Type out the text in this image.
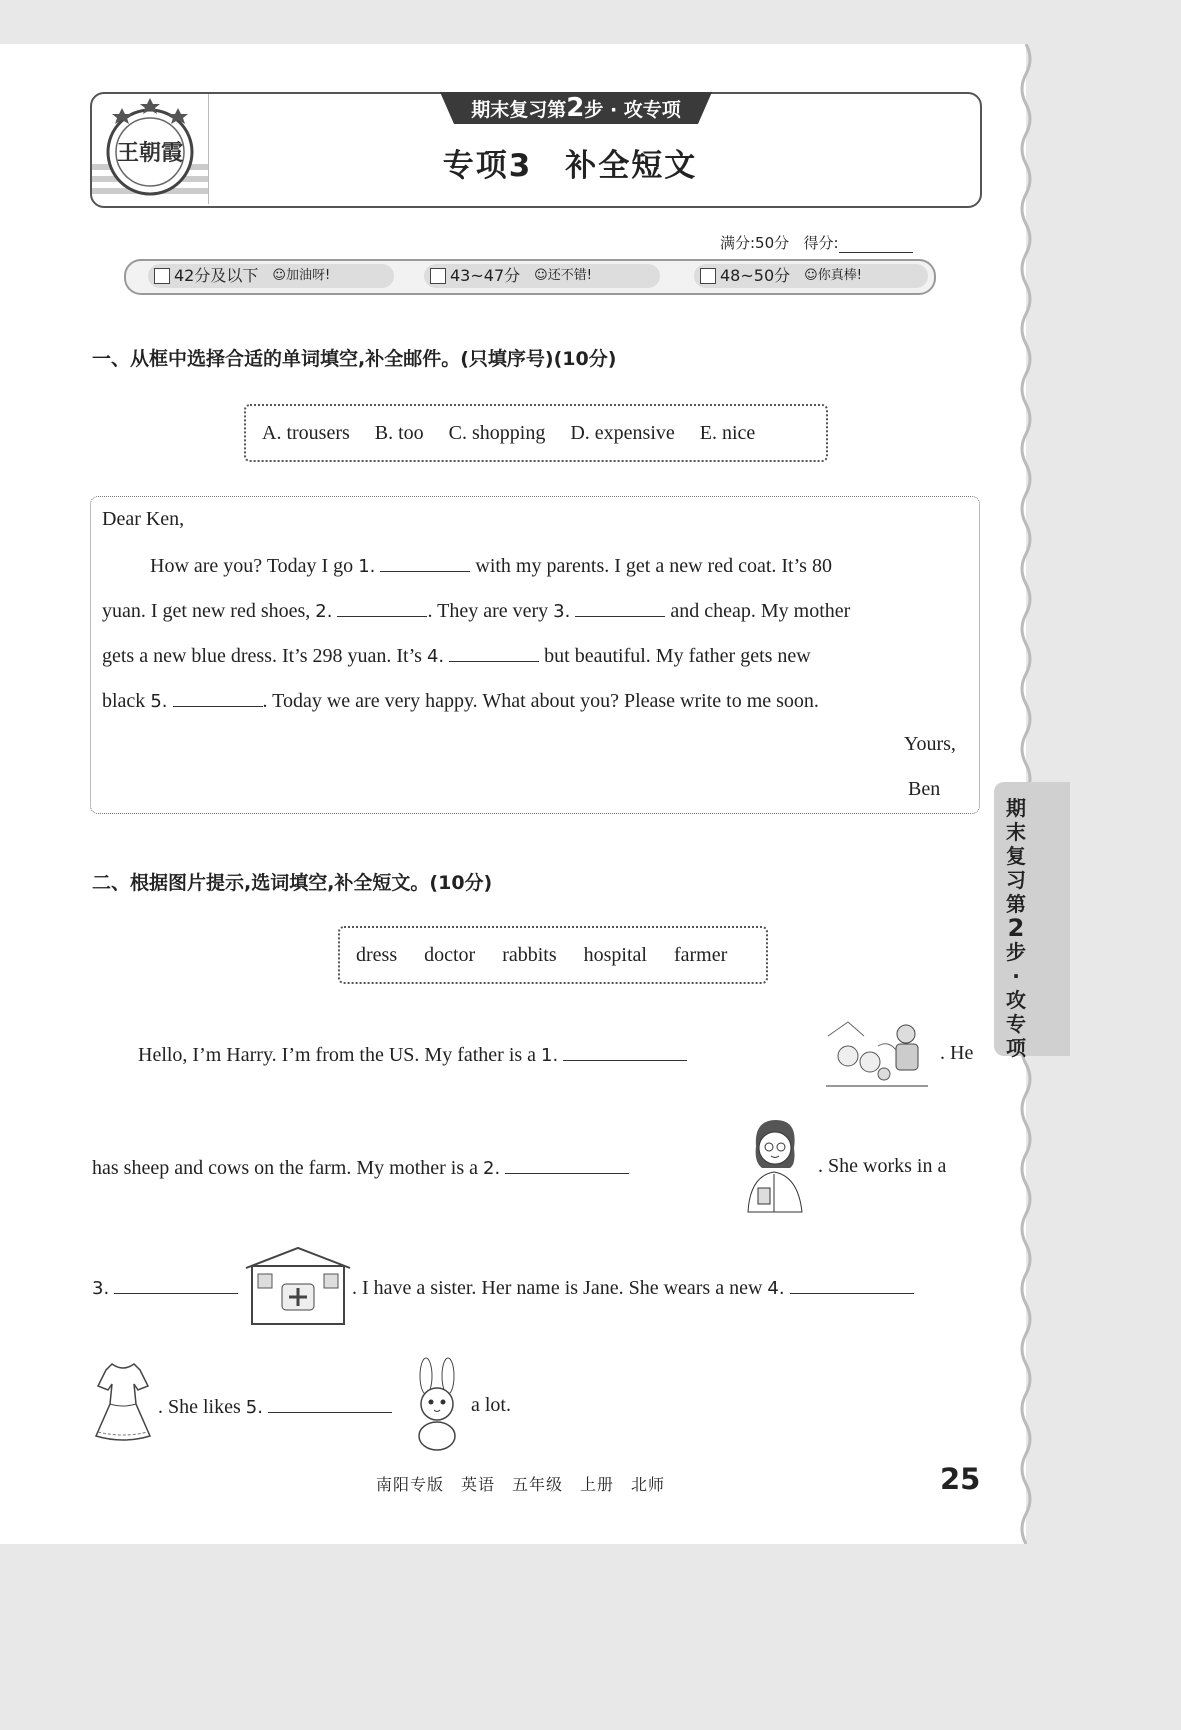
王朝霞
期末复习第2步 · 攻专项
专项3　补全短文
满分:50分 得分:
42分及以下 ☺加油呀!	43~47分 ☺还不错!	48~50分 ☺你真棒!
一、从框中选择合适的单词填空,补全邮件。(只填序号)(10分)
A. trousers B. too C. shopping D. expensive E. nice
Dear Ken,
How are you? Today I go 1.	with my parents. I get a new red coat. It’s 80
yuan. I get new red shoes, 2.	. They are very 3.	and cheap. My mother
gets a new blue dress. It’s 298 yuan. It’s 4.	but beautiful. My father gets new
black 5.	. Today we are very happy. What about you? Please write to me soon.
Yours,
Ben
期
末
复
习
第
2
步
·
攻
专
项
二、根据图片提示,选词填空,补全短文。(10分)
dress doctor rabbits hospital farmer
Hello, I’m Harry. I’m from the US. My father is a 1.	. He
has sheep and cows on the farm. My mother is a 2.	. She works in a
3.	. I have a sister. Her name is Jane. She wears a new 4.
. She likes 5.	a lot.
南阳专版　英语　五年级　上册　北师	25
